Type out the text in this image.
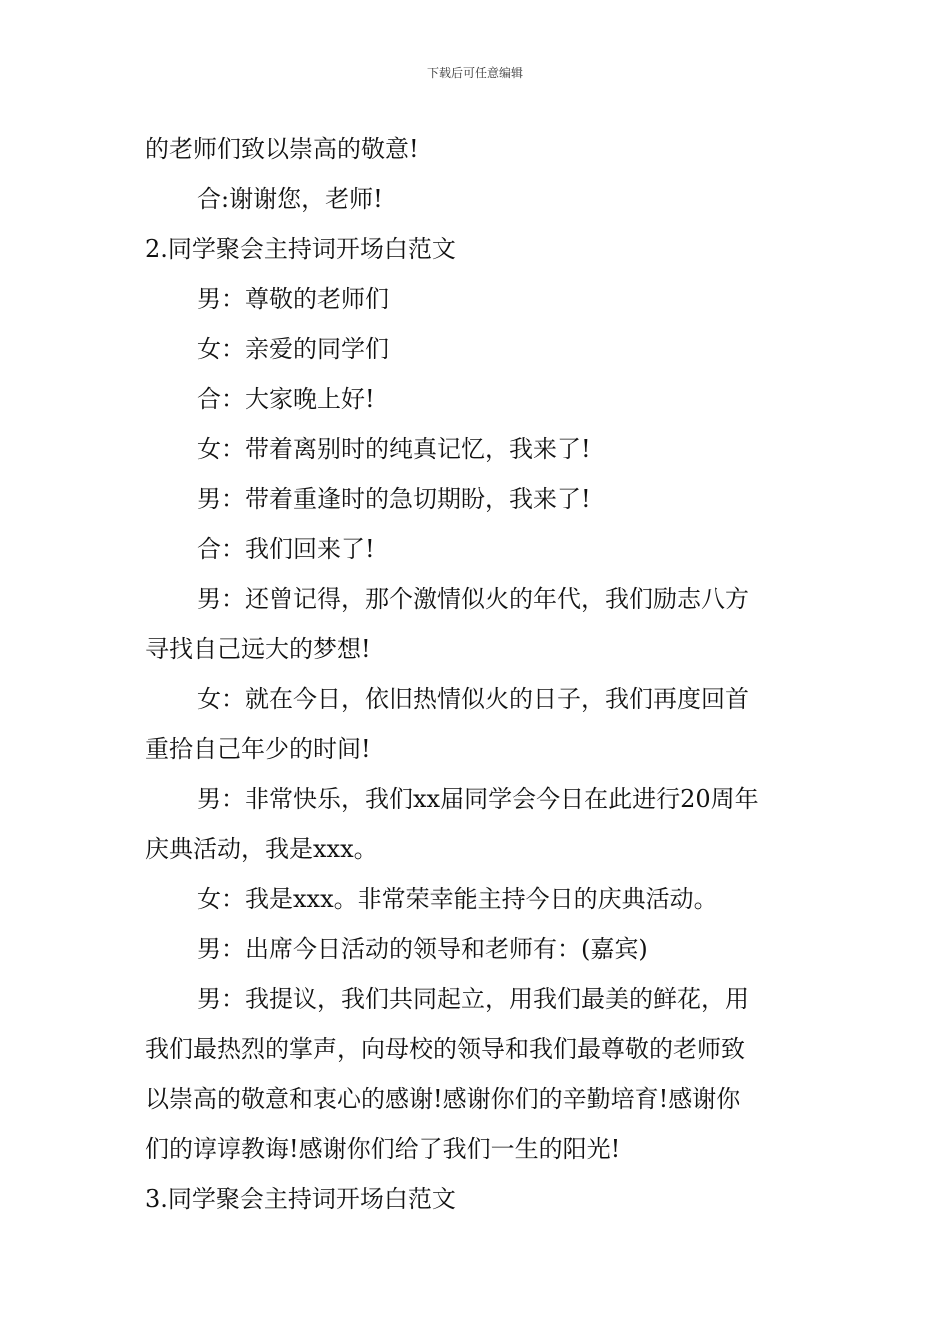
下载后可任意编辑
的老师们致以崇高的敬意!
合:谢谢您，老师!
2.同学聚会主持词开场白范文
男：尊敬的老师们
女：亲爱的同学们
合：大家晚上好!
女：带着离别时的纯真记忆，我来了!
男：带着重逢时的急切期盼，我来了!
合：我们回来了!
男：还曾记得，那个激情似火的年代，我们励志八方
寻找自己远大的梦想!
女：就在今日，依旧热情似火的日子，我们再度回首
重拾自己年少的时间!
男：非常快乐，我们xx届同学会今日在此进行20周年
庆典活动，我是xxx。
女：我是xxx。非常荣幸能主持今日的庆典活动。
男：出席今日活动的领导和老师有：(嘉宾)
男：我提议，我们共同起立，用我们最美的鲜花，用
我们最热烈的掌声，向母校的领导和我们最尊敬的老师致
以崇高的敬意和衷心的感谢!感谢你们的辛勤培育!感谢你
们的谆谆教诲!感谢你们给了我们一生的阳光!
3.同学聚会主持词开场白范文
